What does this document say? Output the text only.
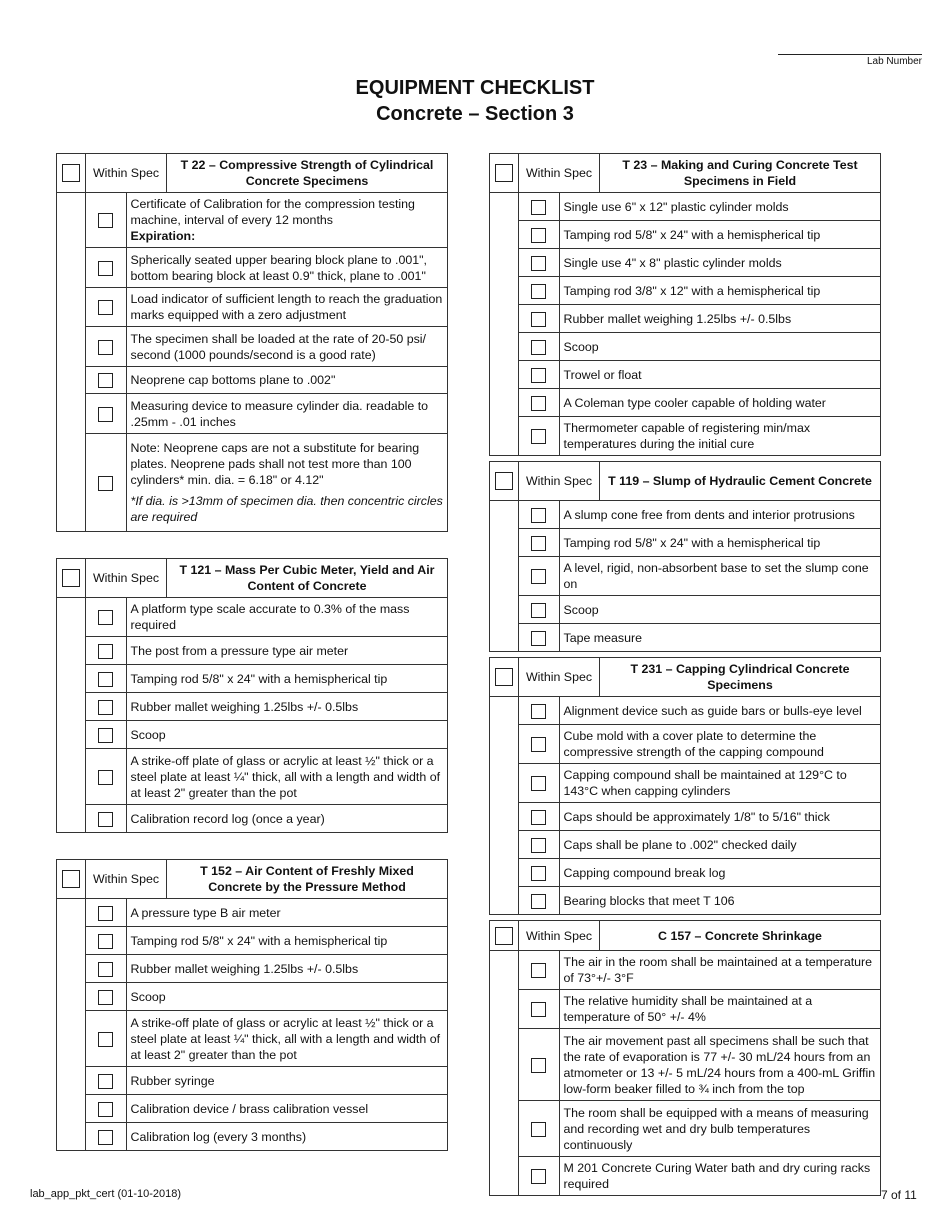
Lab Number
EQUIPMENT CHECKLIST
Concrete – Section 3
	Within Spec		T 22 – Compressive Strength of Cylindrical Concrete Specimens
		Certificate of Calibration for the compression testing machine, interval of every 12 months
Expiration:	

		Spherically seated upper bearing block plane to .001", bottom bearing block at least 0.9" thick, plane to .001"	
		Load indicator of sufficient length to reach the graduation marks equipped with a zero adjustment	
		The specimen shall be loaded at the rate of 20-50 psi/ second (1000 pounds/second is a good rate)	
		Neoprene cap bottoms plane to .002"	
		Measuring device to measure cylinder dia. readable to .25mm - .01 inches	
		Note: Neoprene caps are not a substitute for bearing plates. Neoprene pads shall not test more than 100 cylinders* min. dia. = 6.18" or 4.12"
*If dia. is >13mm of specimen dia. then concentric circles are required	
	Within Spec		T 121 – Mass Per Cubic Meter, Yield and Air Content of Concrete
		A platform type scale accurate to 0.3% of the mass required	
		The post from a pressure type air meter	
		Tamping rod 5/8" x 24" with a hemispherical tip	
		Rubber mallet weighing 1.25lbs +/- 0.5lbs	
		Scoop	
		A strike-off plate of glass or acrylic at least ½" thick or a steel plate at least ¼" thick, all with a length and width of at least 2" greater than the pot	
		Calibration record log (once a year)	
	Within Spec		T 152 – Air Content of Freshly Mixed Concrete by the Pressure Method
		A pressure type B air meter	
		Tamping rod 5/8" x 24" with a hemispherical tip	
		Rubber mallet weighing 1.25lbs +/- 0.5lbs	
		Scoop	
		A strike-off plate of glass or acrylic at least ½" thick or a steel plate at least ¼" thick, all with a length and width of at least 2" greater than the pot	
		Rubber syringe	
		Calibration device / brass calibration vessel	
		Calibration log (every 3 months)	
	Within Spec		T 23 – Making and Curing Concrete Test Specimens in Field
		Single use 6" x 12" plastic cylinder molds	
		Tamping rod 5/8" x 24" with a hemispherical tip	
		Single use 4" x 8" plastic cylinder molds	
		Tamping rod 3/8" x 12" with a hemispherical tip	
		Rubber mallet weighing 1.25lbs +/- 0.5lbs	
		Scoop	
		Trowel or float	
		A Coleman type cooler capable of holding water	
		Thermometer capable of registering min/max temperatures during the initial cure	
	Within Spec		T 119 – Slump of Hydraulic Cement Concrete
		A slump cone free from dents and interior protrusions	
		Tamping rod 5/8" x 24" with a hemispherical tip	
		A level, rigid, non-absorbent base to set the slump cone on	
		Scoop	
		Tape measure	
	Within Spec		T 231 – Capping Cylindrical Concrete Specimens
		Alignment device such as guide bars or bulls-eye level	
		Cube mold with a cover plate to determine the compressive strength of the capping compound	
		Capping compound shall be maintained at 129°C to 143°C when capping cylinders	
		Caps should be approximately 1/8" to 5/16" thick	
		Caps shall be plane to .002" checked daily	
		Capping compound break log	
		Bearing blocks that meet T 106	
	Within Spec		C 157 – Concrete Shrinkage
		The air in the room shall be maintained at a temperature of 73°+/- 3°F	
		The relative humidity shall be maintained at a temperature of 50° +/- 4%	
		The air movement past all specimens shall be such that the rate of evaporation is 77 +/- 30 mL/24 hours from an atmometer or 13 +/- 5 mL/24 hours from a 400-mL Griffin low-form beaker filled to ¾ inch from the top	
		The room shall be equipped with a means of measuring and recording wet and dry bulb temperatures continuously	
		M 201 Concrete Curing Water bath and dry curing racks required	
lab_app_pkt_cert (01-10-2018)	7 of 11
